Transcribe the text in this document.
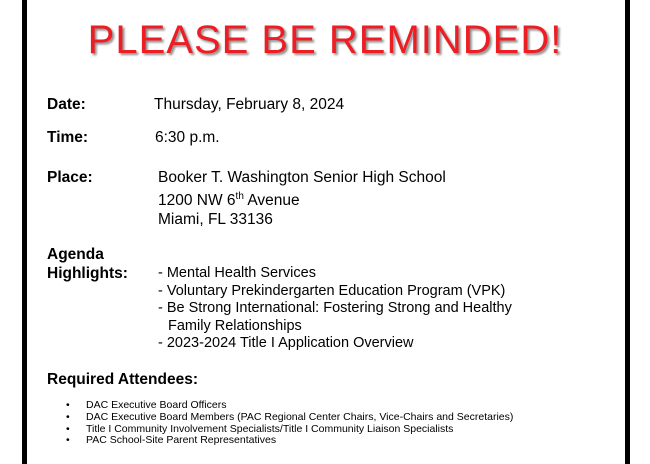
PLEASE BE REMINDED!
Date:	Thursday, February 8, 2024
Time:	6:30 p.m.
Place:	Booker T. Washington Senior High School
1200 NW 6th Avenue
Miami, FL 33136
Agenda
Highlights: - Mental Health Services
- Voluntary Prekindergarten Education Program (VPK)
- Be Strong International: Fostering Strong and Healthy
Family Relationships
- 2023-2024 Title I Application Overview
Required Attendees:
• DAC Executive Board Officers
• DAC Executive Board Members (PAC Regional Center Chairs, Vice-Chairs and Secretaries)
• Title I Community Involvement Specialists/Title I Community Liaison Specialists
• PAC School-Site Parent Representatives
